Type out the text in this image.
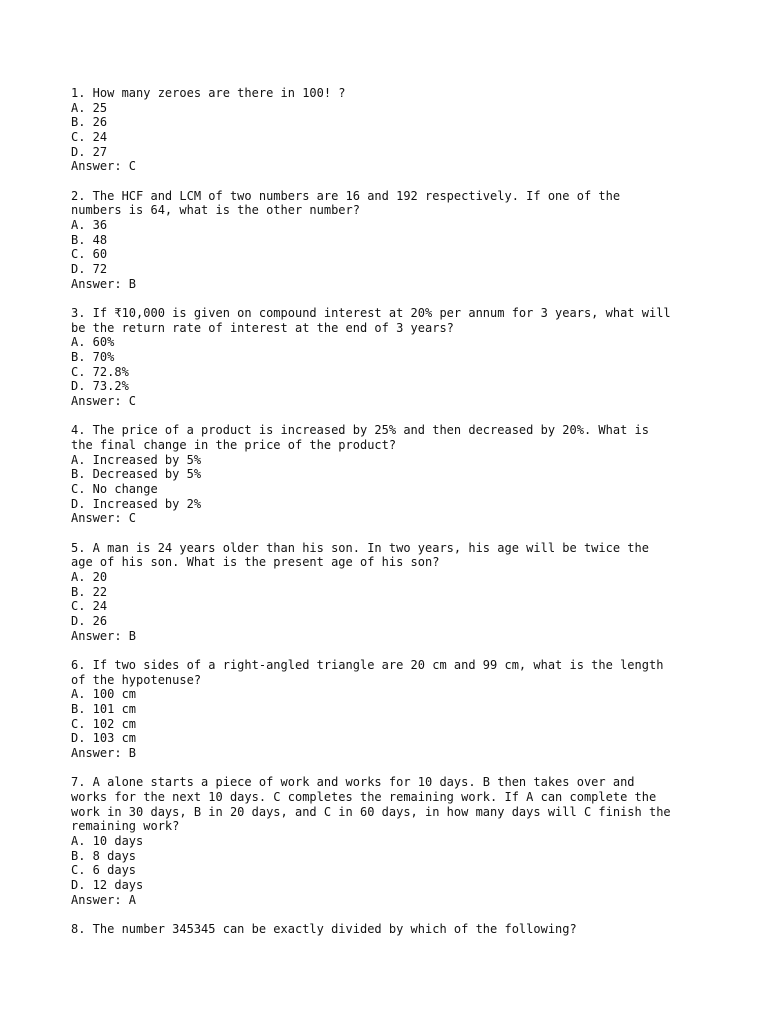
1. How many zeroes are there in 100! ?
A. 25
B. 26
C. 24
D. 27
Answer: C
2. The HCF and LCM of two numbers are 16 and 192 respectively. If one of the
numbers is 64, what is the other number?
A. 36
B. 48
C. 60
D. 72
Answer: B
3. If ₹10,000 is given on compound interest at 20% per annum for 3 years, what will
be the return rate of interest at the end of 3 years?
A. 60%
B. 70%
C. 72.8%
D. 73.2%
Answer: C
4. The price of a product is increased by 25% and then decreased by 20%. What is
the final change in the price of the product?
A. Increased by 5%
B. Decreased by 5%
C. No change
D. Increased by 2%
Answer: C
5. A man is 24 years older than his son. In two years, his age will be twice the
age of his son. What is the present age of his son?
A. 20
B. 22
C. 24
D. 26
Answer: B
6. If two sides of a right-angled triangle are 20 cm and 99 cm, what is the length
of the hypotenuse?
A. 100 cm
B. 101 cm
C. 102 cm
D. 103 cm
Answer: B
7. A alone starts a piece of work and works for 10 days. B then takes over and
works for the next 10 days. C completes the remaining work. If A can complete the
work in 30 days, B in 20 days, and C in 60 days, in how many days will C finish the
remaining work?
A. 10 days
B. 8 days
C. 6 days
D. 12 days
Answer: A
8. The number 345345 can be exactly divided by which of the following?
